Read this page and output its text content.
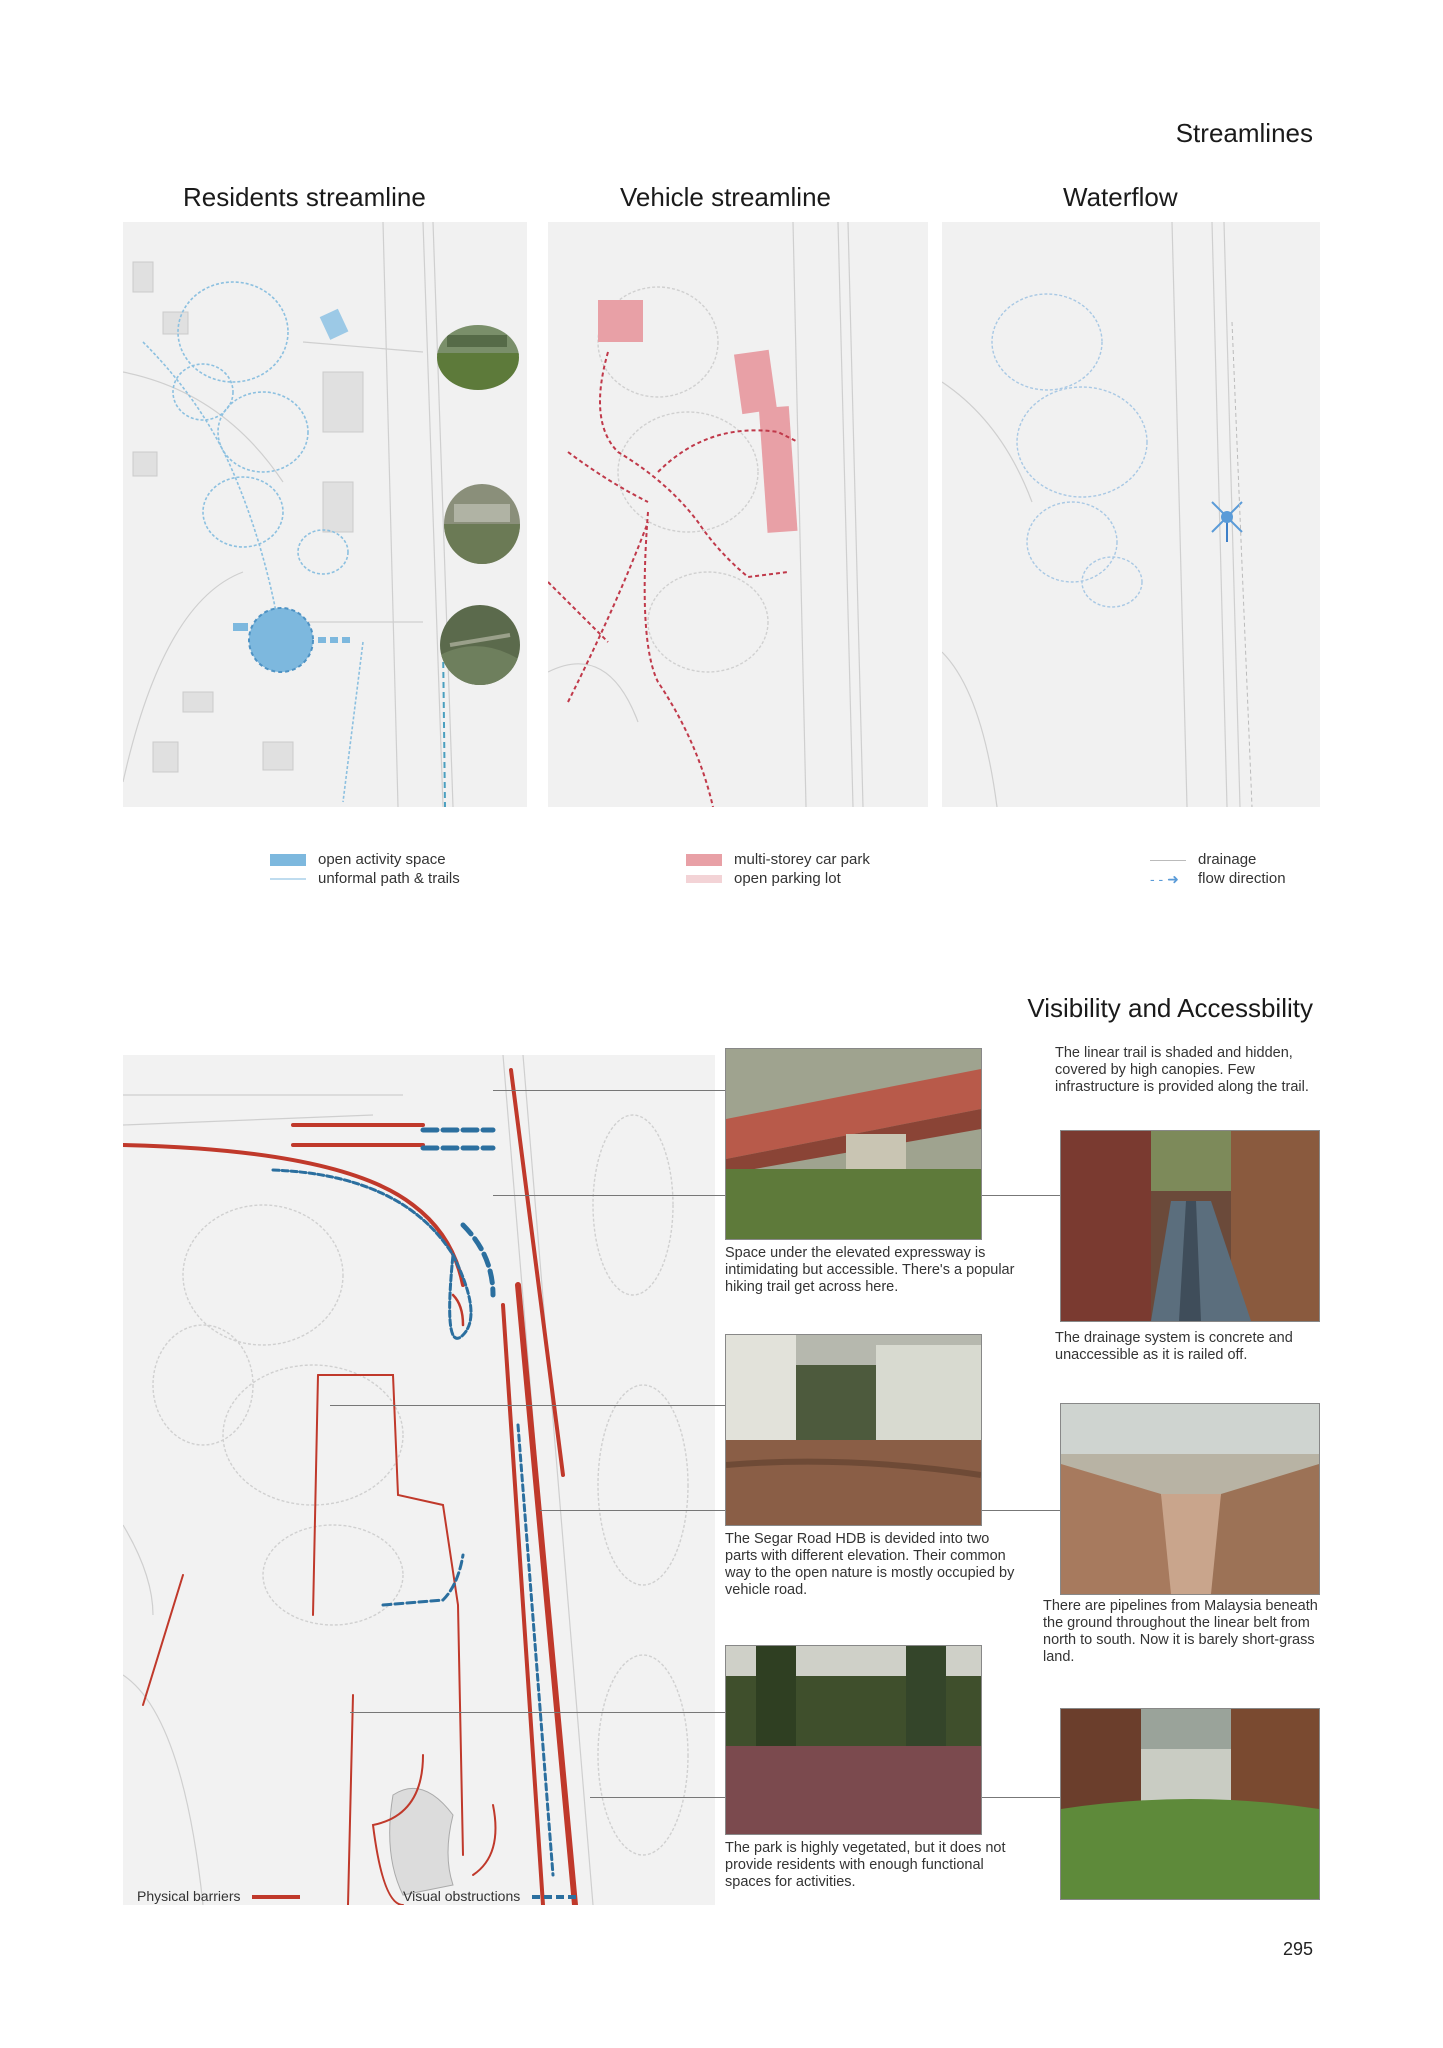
Streamlines
Residents streamline	Vehicle streamline	Waterflow
open activity space
unformal path & trails
multi-storey car park
open parking lot
drainage
- - ➜ flow direction
Visibility and Accessbility
Physical barriers	Visual obstructions
Space under the elevated expressway is intimidating but accessible. There's a popular hiking trail get across here.
The Segar Road HDB is devided into two parts with different elevation. Their common way to the open nature is mostly occupied by vehicle road.
The park is highly vegetated, but it does not provide residents with enough functional spaces for activities.
The linear trail is shaded and hidden, covered by high canopies. Few infrastructure is provided along the trail.
The drainage system is concrete and unaccessible as it is railed off.
There are pipelines from Malaysia beneath the ground throughout the linear belt from north to south. Now it is barely short-grass land.
295
